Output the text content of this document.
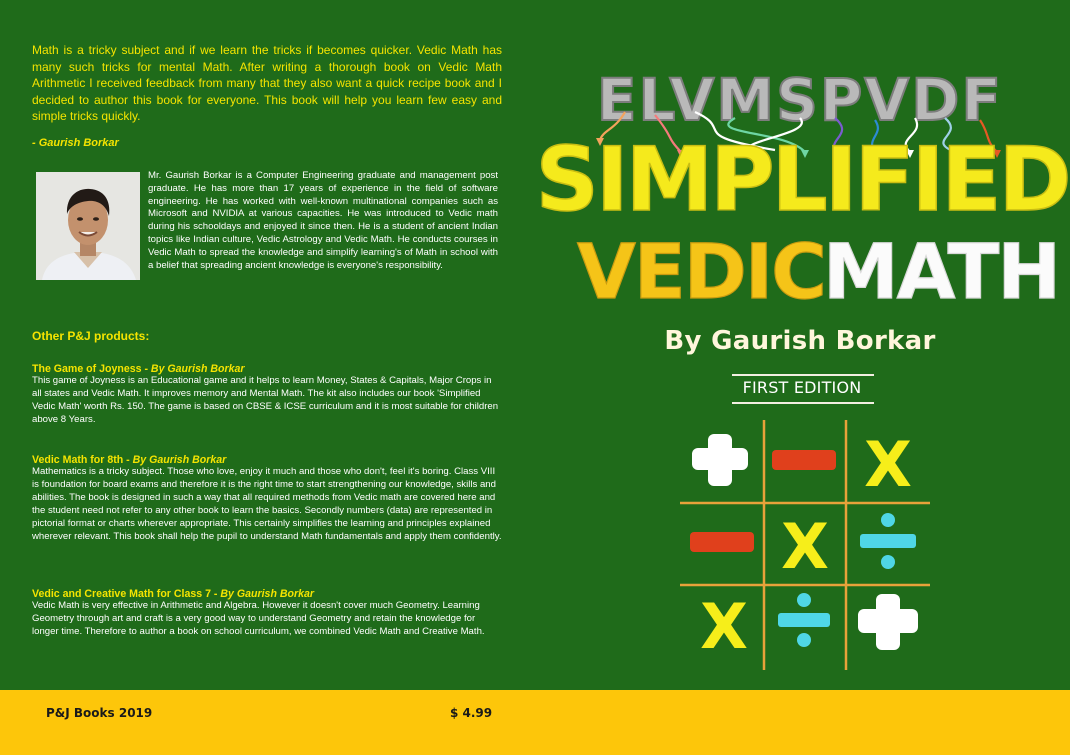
Math is a tricky subject and if we learn the tricks if becomes quicker. Vedic Math has many such tricks for mental Math. After writing a thorough book on Vedic Math Arithmetic I received feedback from many that they also want a quick recipe book and I decided to author this book for everyone. This book will help you learn few easy and simple tricks quickly.
- Gaurish Borkar
Mr. Gaurish Borkar is a Computer Engineering graduate and management post graduate. He has more than 17 years of experience in the field of software engineering. He has worked with well-known multinational companies such as Microsoft and NVIDIA at various capacities. He was introduced to Vedic math during his schooldays and enjoyed it since then. He is a student of ancient Indian topics like Indian culture, Vedic Astrology and Vedic Math. He conducts courses in Vedic Math to spread the knowledge and simplify learning's of Math in school with a belief that spreading ancient knowledge is everyone's responsibility.
Other P&J products:
The Game of Joyness - By Gaurish Borkar
This game of Joyness is an Educational game and it helps to learn Money, States & Capitals, Major Crops in all states and Vedic Math. It improves memory and Mental Math. The kit also includes our book 'Simplified Vedic Math' worth Rs. 150. The game is based on CBSE & ICSE curriculum and it is most suitable for children above 8 Years.
Vedic Math for 8th - By Gaurish Borkar
Mathematics is a tricky subject. Those who love, enjoy it much and those who don't, feel it's boring. Class VIII is foundation for board exams and therefore it is the right time to start strengthening our knowledge, skills and abilities. The book is designed in such a way that all required methods from Vedic math are covered here and the student need not refer to any other book to learn the basics. Secondly numbers (data) are represented in pictorial format or charts wherever appropriate. This certainly simplifies the learning and principles explained wherever relevant. This book shall help the pupil to understand Math fundamentals and apply them confidently.
Vedic and Creative Math for Class 7 - By Gaurish Borkar
Vedic Math is very effective in Arithmetic and Algebra. However it doesn't cover much Geometry. Learning Geometry through art and craft is a very good way to understand Geometry and retain the knowledge for longer time. Therefore to author a book on school curriculum, we combined Vedic Math and Creative Math.
ELVMSPVDF
SIMPLIFIED
VEDIC
MATH
By Gaurish Borkar
FIRST EDITION
X
X
X
P&J Books 2019	$ 4.99
